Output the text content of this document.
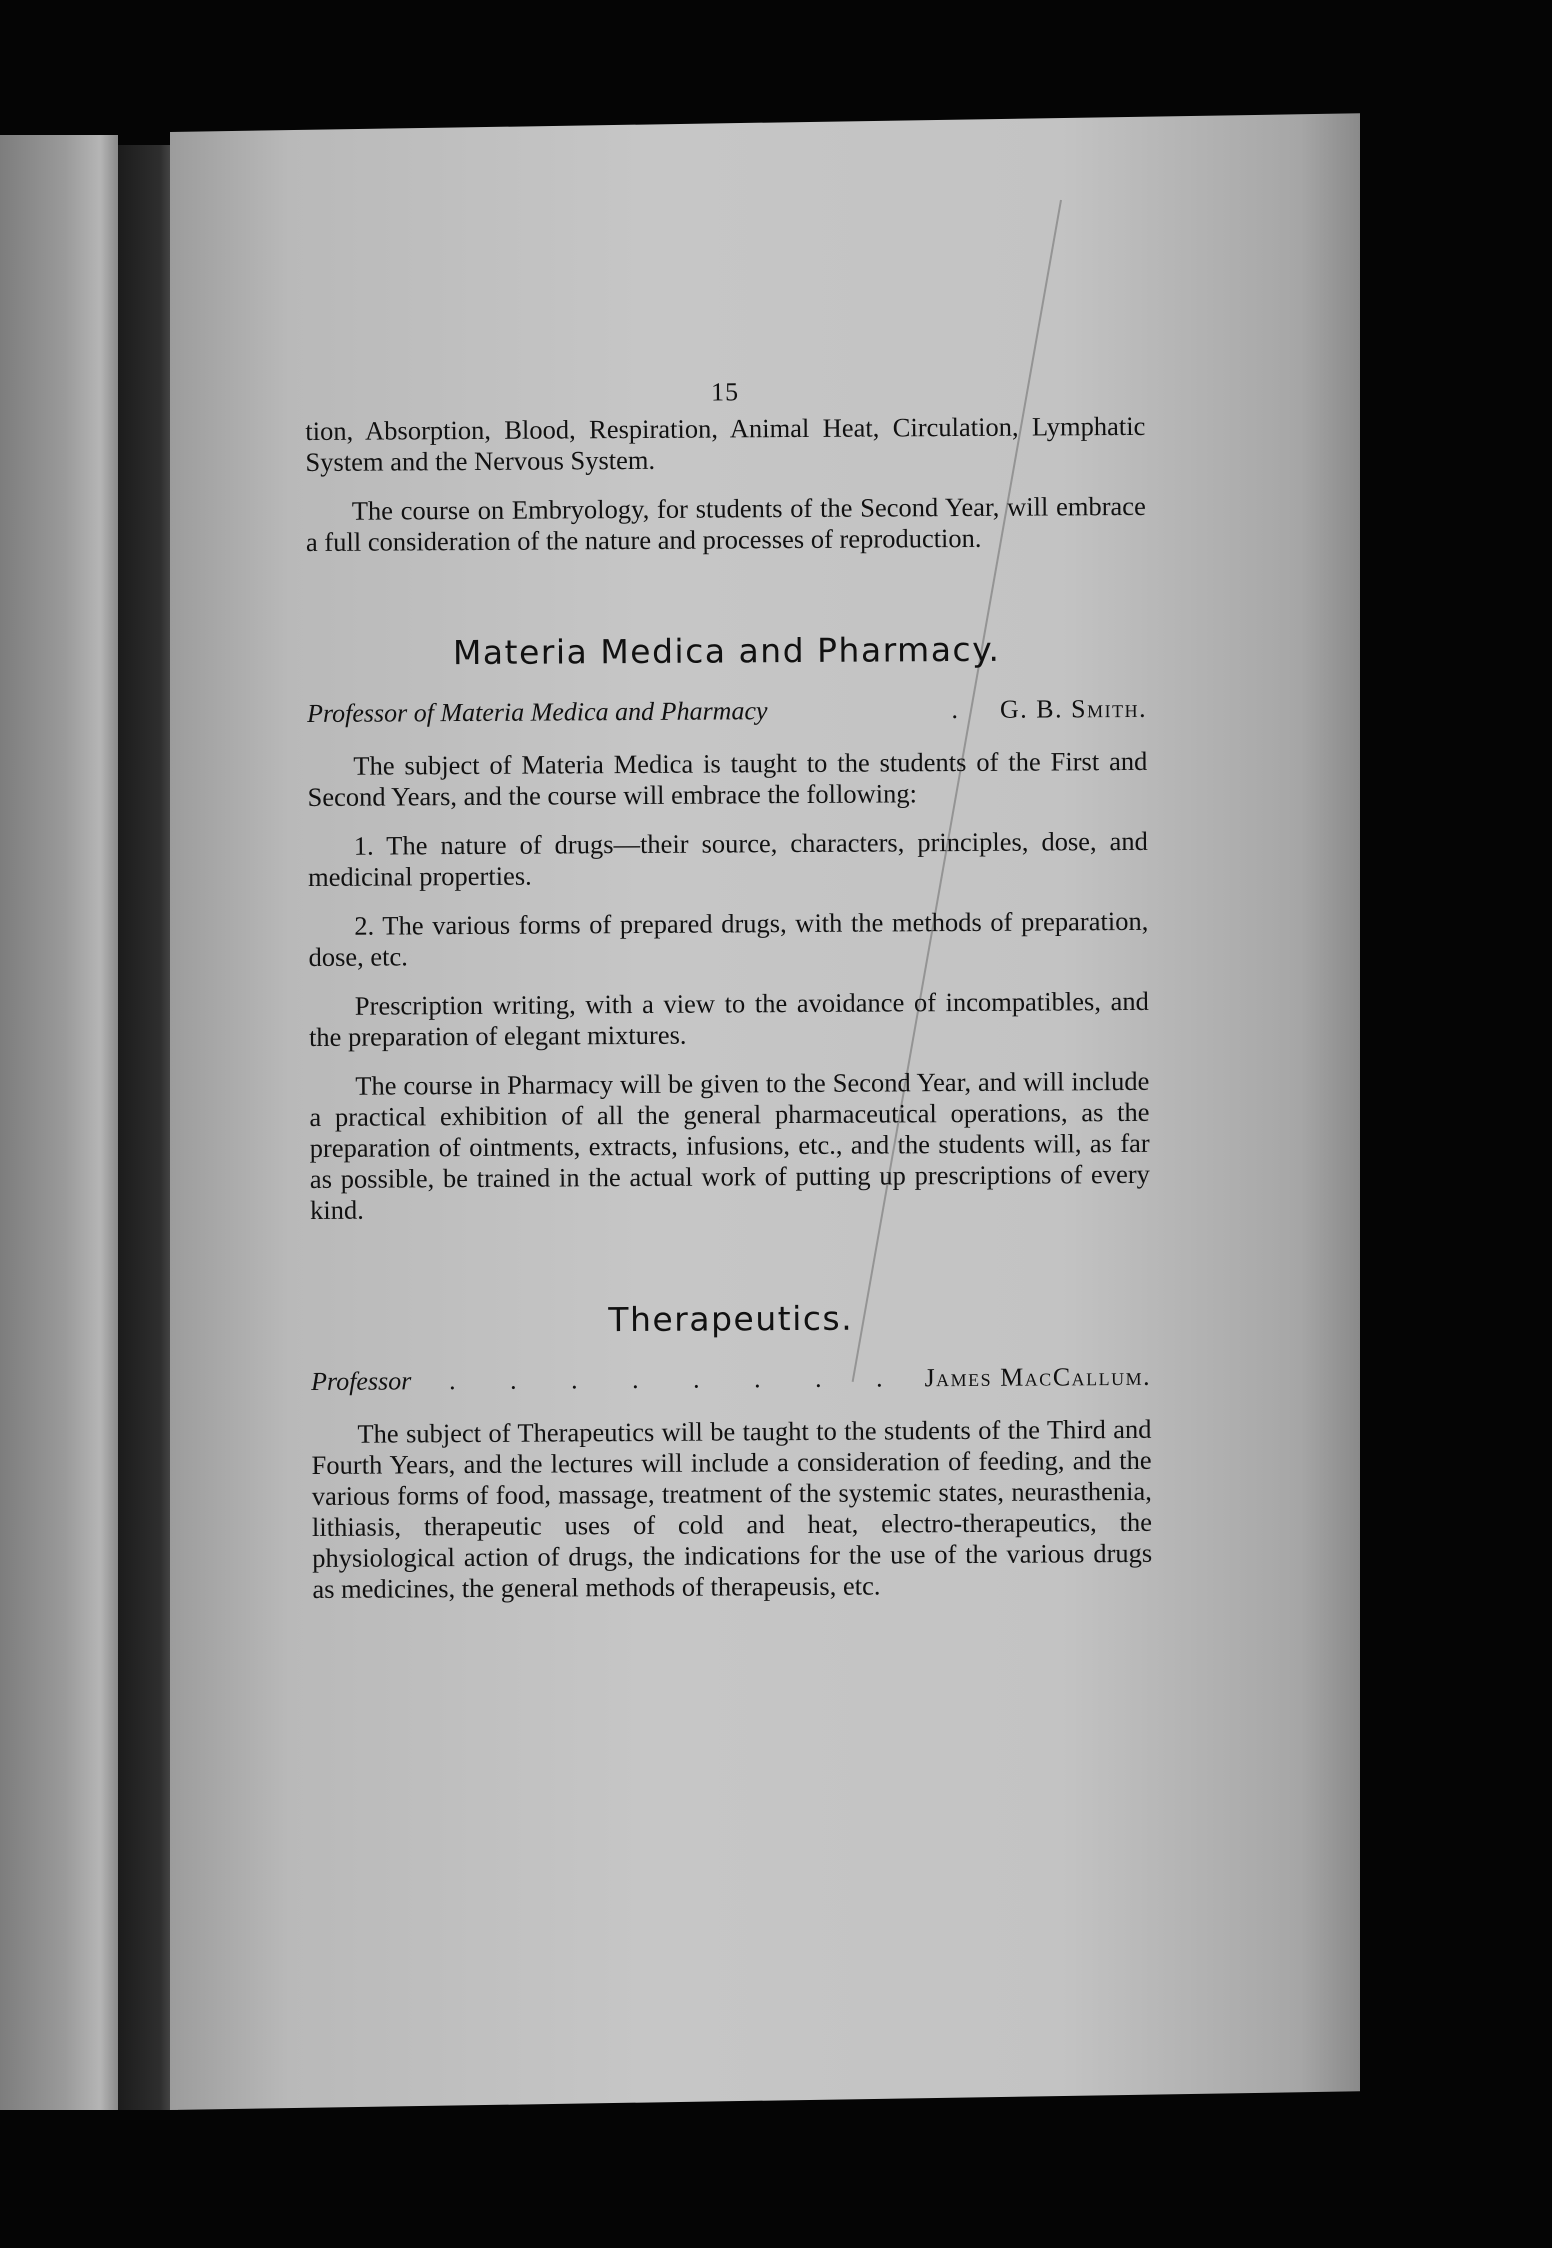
15

tion, Absorption, Blood, Respiration, Animal Heat, Circulation, Lymphatic System and the Nervous System.

The course on Embryology, for students of the Second Year, will embrace a full consideration of the nature and processes of reproduction.

Materia Medica and Pharmacy.
Professor of Materia Medica and Pharmacy	. G. B. Smith.

The subject of Materia Medica is taught to the students of the First and Second Years, and the course will embrace the following:

1. The nature of drugs—their source, characters, principles, dose, and medicinal properties.

2. The various forms of prepared drugs, with the methods of preparation, dose, etc.

Prescription writing, with a view to the avoidance of incompatibles, and the preparation of elegant mixtures.

The course in Pharmacy will be given to the Second Year, and will include a practical exhibition of all the general pharmaceutical operations, as the preparation of ointments, extracts, infusions, etc., and the students will, as far as possible, be trained in the actual work of putting up prescriptions of every kind.

Therapeutics.
Professor	. . . . . . . . James MacCallum.

The subject of Therapeutics will be taught to the students of the Third and Fourth Years, and the lectures will include a consideration of feeding, and the various forms of food, massage, treatment of the systemic states, neurasthenia, lithiasis, therapeutic uses of cold and heat, electro-therapeutics, the physiological action of drugs, the indications for the use of the various drugs as medicines, the general methods of therapeusis, etc.
